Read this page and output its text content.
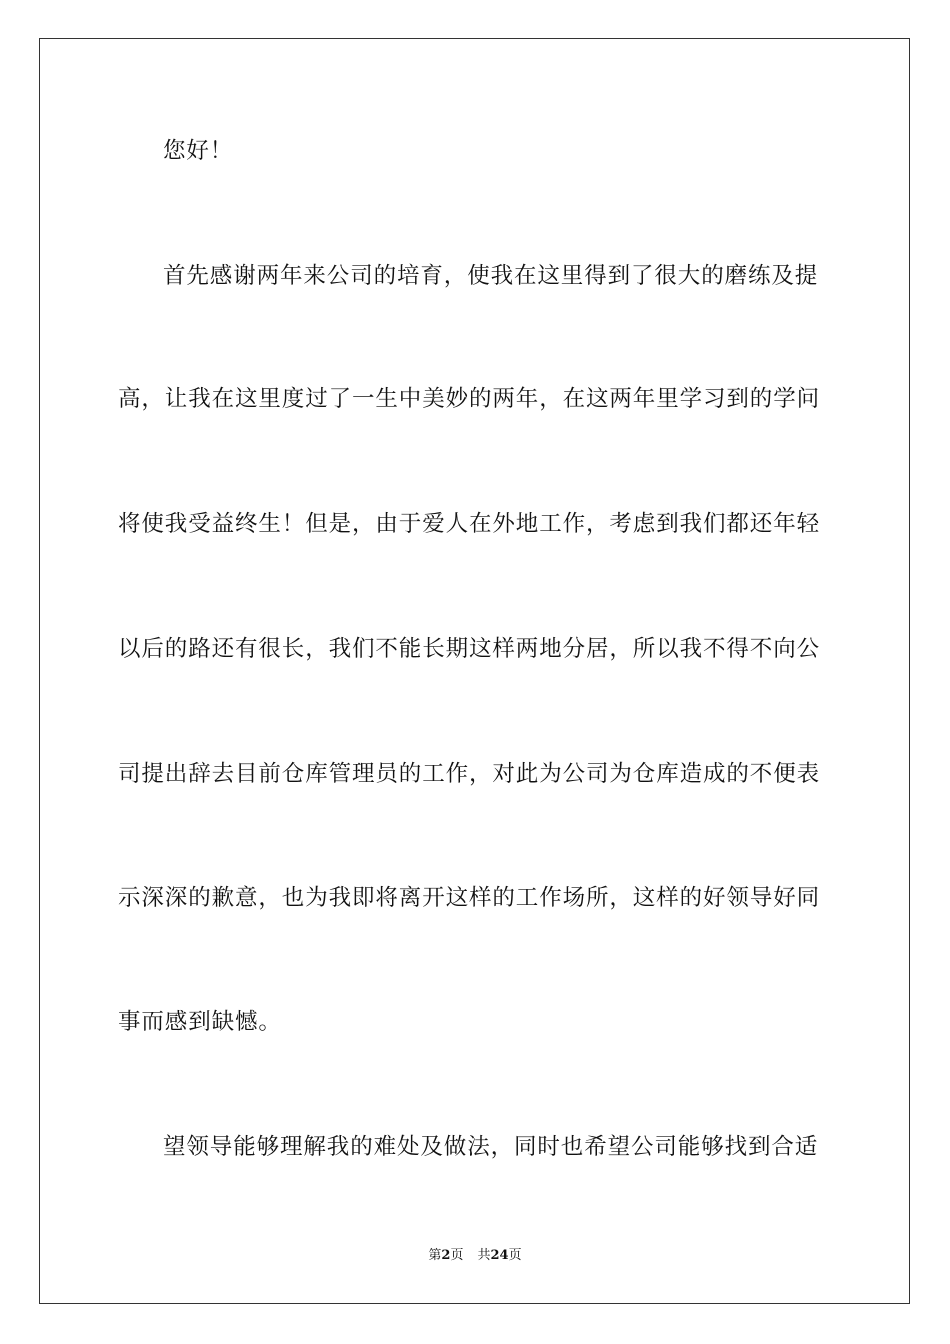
您好！
首先感谢两年来公司的培育，使我在这里得到了很大的磨练及提
高，让我在这里度过了一生中美妙的两年，在这两年里学习到的学问
将使我受益终生！但是，由于爱人在外地工作，考虑到我们都还年轻
以后的路还有很长，我们不能长期这样两地分居，所以我不得不向公
司提出辞去目前仓库管理员的工作，对此为公司为仓库造成的不便表
示深深的歉意，也为我即将离开这样的工作场所，这样的好领导好同
事而感到缺憾。
望领导能够理解我的难处及做法，同时也希望公司能够找到合适
第2页 共24页
